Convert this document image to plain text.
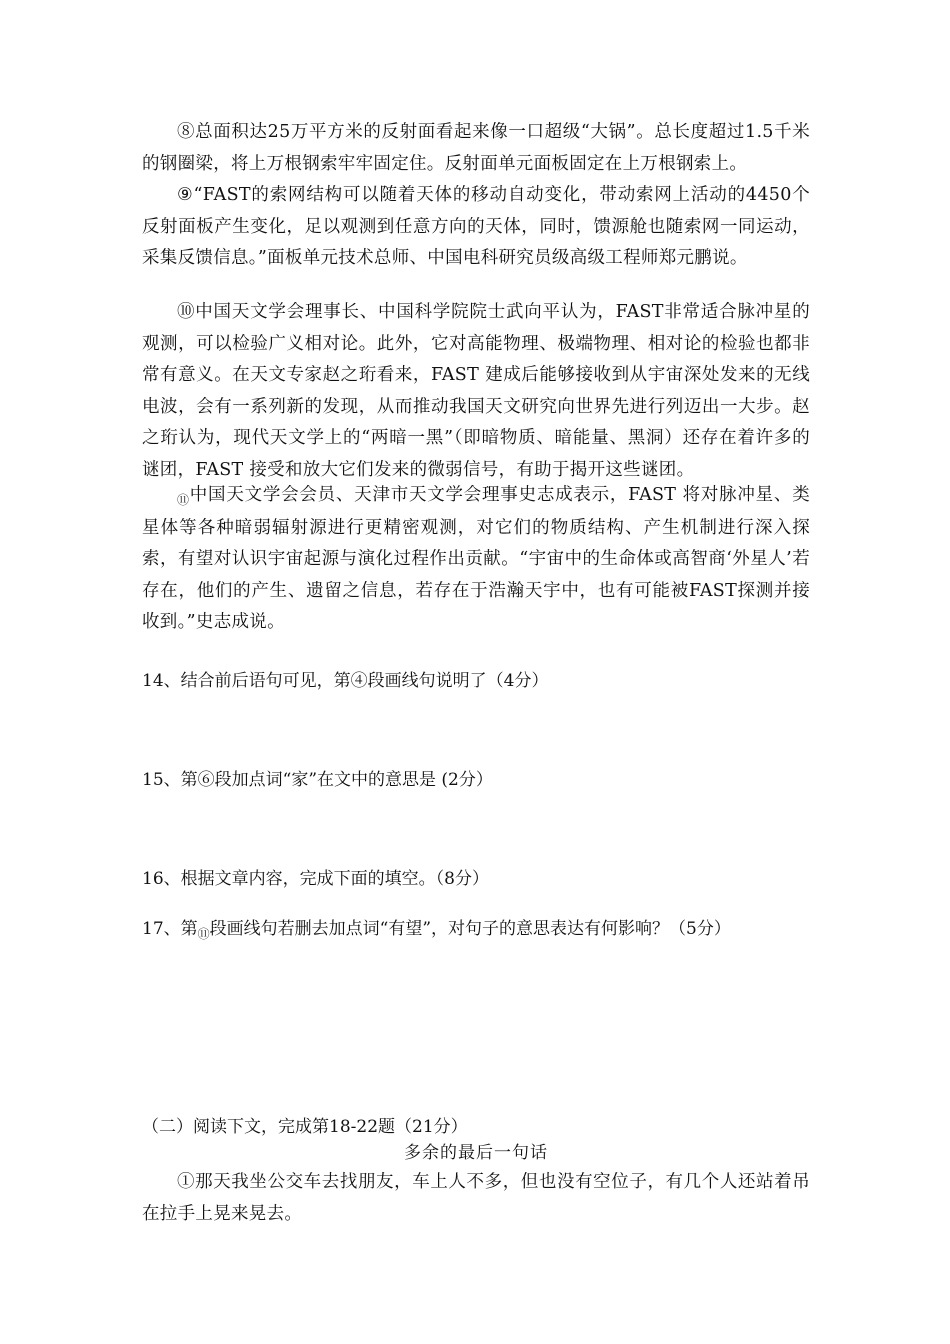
⑧总面积达25万平方米的反射面看起来像一口超级“大锅”。总长度超过1.5千米的钢圈梁，将上万根钢索牢牢固定住。反射面单元面板固定在上万根钢索上。

⑨“FAST的索网结构可以随着天体的移动自动变化，带动索网上活动的4450个反射面板产生变化，足以观测到任意方向的天体，同时，馈源舱也随索网一同运动，采集反馈信息。”面板单元技术总师、中国电科研究员级高级工程师郑元鹏说。

⑩中国天文学会理事长、中国科学院院士武向平认为，FAST非常适合脉冲星的观测，可以检验广义相对论。此外，它对高能物理、极端物理、相对论的检验也都非常有意义。在天文专家赵之珩看来，FAST 建成后能够接收到从宇宙深处发来的无线电波，会有一系列新的发现，从而推动我国天文研究向世界先进行列迈出一大步。赵之珩认为，现代天文学上的“两暗一黑”（即暗物质、暗能量、黑洞）还存在着许多的谜团，FAST 接受和放大它们发来的微弱信号，有助于揭开这些谜团。

$_⑪$中国天文学会会员、天津市天文学会理事史志成表示，FAST 将对脉冲星、类星体等各种暗弱辐射源进行更精密观测，对它们的物质结构、产生机制进行深入探索，有望对认识宇宙起源与演化过程作出贡献。“宇宙中的生命体或高智商‘外星人’若存在，他们的产生、遗留之信息，若存在于浩瀚天宇中，也有可能被FAST探测并接收到。”史志成说。

14、结合前后语句可见，第④段画线句说明了（4分）

15、第⑥段加点词“家”在文中的意思是 (2分）

16、根据文章内容，完成下面的填空。（8分）

17、第$_⑪$段画线句若删去加点词“有望”，对句子的意思表达有何影响？（5分）

（二）阅读下文，完成第18-22题（21分）

多余的最后一句话

①那天我坐公交车去找朋友，车上人不多，但也没有空位子，有几个人还站着吊在拉手上晃来晃去。
